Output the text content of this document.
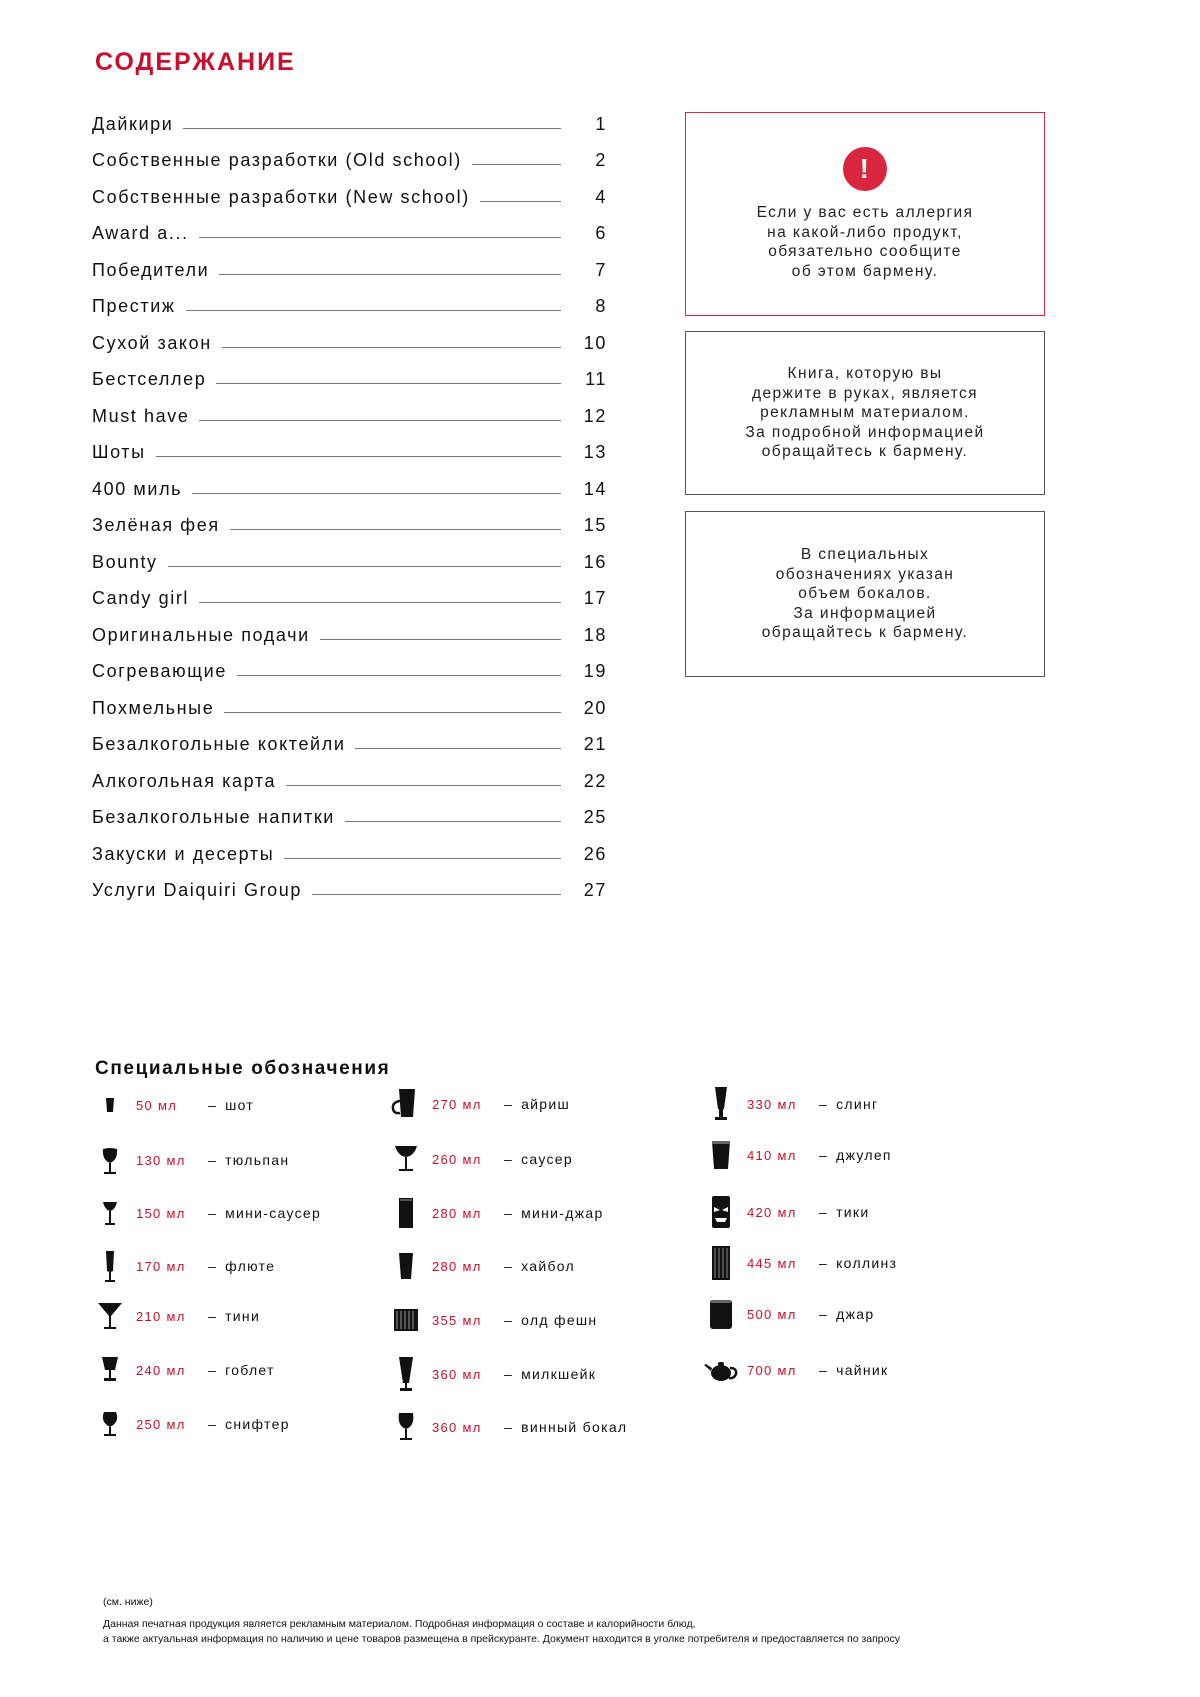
СОДЕРЖАНИЕ
Дайкири	1
Собственные разработки (Old school)	2
Собственные разработки (New school)	4
Award a...	6
Победители	7
Престиж	8
Сухой закон	10
Бестселлер	11
Must have	12
Шоты	13
400 миль	14
Зелёная фея	15
Bounty	16
Candy girl	17
Оригинальные подачи	18
Согревающие	19
Похмельные	20
Безалкогольные коктейли	21
Алкогольная карта	22
Безалкогольные напитки	25
Закуски и десерты	26
Услуги Daiquiri Group	27
!
Если у вас есть аллергия
на какой-либо продукт,
обязательно сообщите
об этом бармену.
Книга, которую вы
держите в руках, является
рекламным материалом.
За подробной информацией
обращайтесь к бармену.
В специальных
обозначениях указан
объем бокалов.
За информацией
обращайтесь к бармену.
Специальные обозначения
50 мл	– шот
130 мл	– тюльпан
150 мл	– мини-саусер
170 мл	– флюте
210 мл	– тини
240 мл	– гоблет
250 мл	– снифтер
270 мл	– айриш
260 мл	– саусер
280 мл	– мини-джар
280 мл	– хайбол
355 мл	– олд фешн
360 мл	– милкшейк
360 мл	– винный бокал
330 мл	– слинг
410 мл	– джулеп
420 мл	– тики
445 мл	– коллинз
500 мл	– джар
700 мл	– чайник
(см. ниже)
Данная печатная продукция является рекламным материалом. Подробная информация о составе и калорийности блюд,
а также актуальная информация по наличию и цене товаров размещена в прейскуранте. Документ находится в уголке потребителя и предоставляется по запросу
